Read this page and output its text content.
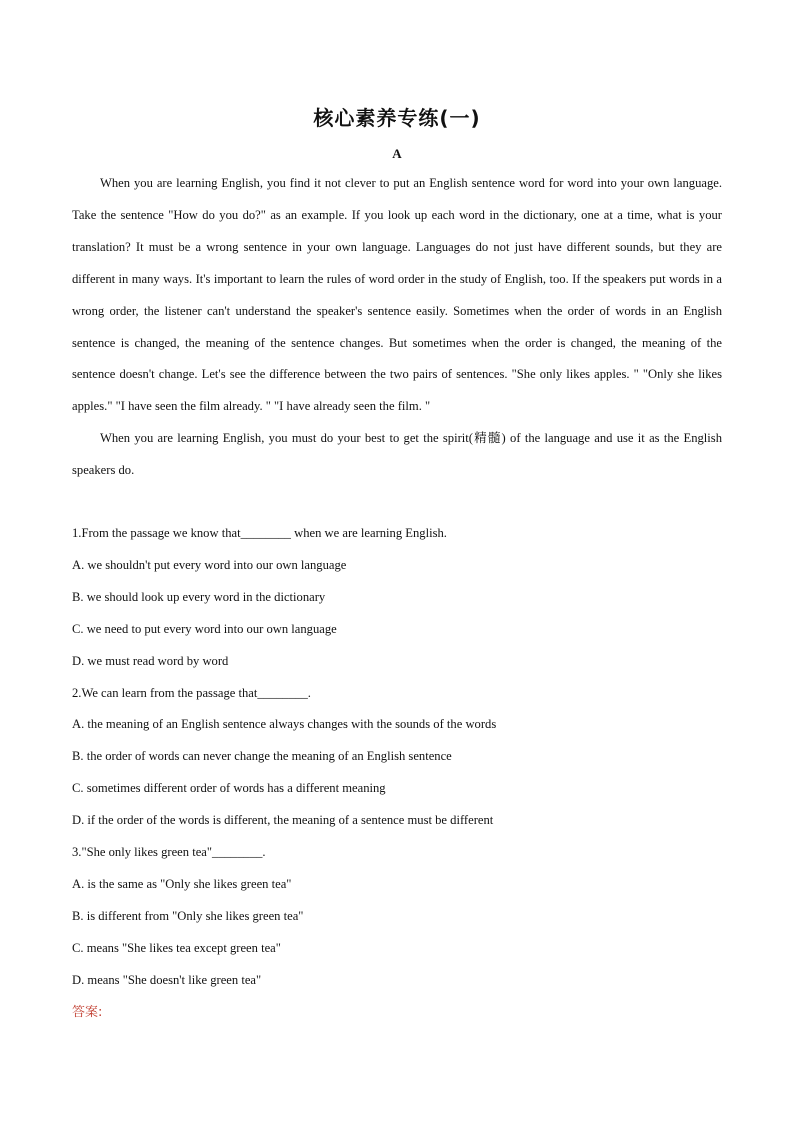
核心素养专练(一)
A

When you are learning English, you find it not clever to put an English sentence word for word into your own language. Take the sentence "How do you do?" as an example. If you look up each word in the dictionary, one at a time, what is your translation? It must be a wrong sentence in your own language. Languages do not just have different sounds, but they are different in many ways. It's important to learn the rules of word order in the study of English, too. If the speakers put words in a wrong order, the listener can't understand the speaker's sentence easily. Sometimes when the order of words in an English sentence is changed, the meaning of the sentence changes. But sometimes when the order is changed, the meaning of the sentence doesn't change. Let's see the difference between the two pairs of sentences. "She only likes apples. " "Only she likes apples." "I have seen the film already. " "I have already seen the film. "

When you are learning English, you must do your best to get the spirit(精髓) of the language and use it as the English speakers do.

1.From the passage we know that________ when we are learning English.

A. we shouldn't put every word into our own language

B. we should look up every word in the dictionary

C. we need to put every word into our own language

D. we must read word by word

2.We can learn from the passage that________.

A. the meaning of an English sentence always changes with the sounds of the words

B. the order of words can never change the meaning of an English sentence

C. sometimes different order of words has a different meaning

D. if the order of the words is different, the meaning of a sentence must be different

3."She only likes green tea"________.

A. is the same as "Only she likes green tea"

B. is different from "Only she likes green tea"

C. means "She likes tea except green tea"

D. means "She doesn't like green tea"

答案:
